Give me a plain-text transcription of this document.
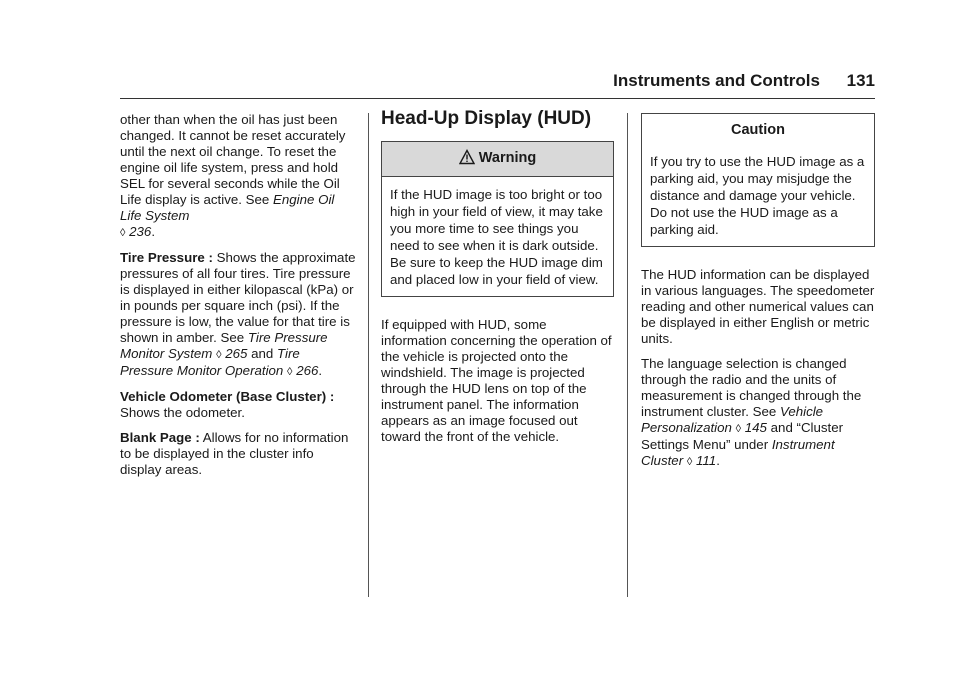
Instruments and Controls	131

other than when the oil has just been changed. It cannot be reset accurately until the next oil change. To reset the engine oil life system, press and hold SEL for several seconds while the Oil Life display is active. See Engine Oil Life System
◊ 236.

Tire Pressure : Shows the approximate pressures of all four tires. Tire pressure is displayed in either kilopascal (kPa) or in pounds per square inch (psi). If the pressure is low, the value for that tire is shown in amber. See Tire Pressure Monitor System ◊ 265 and Tire Pressure Monitor Operation ◊ 266.

Vehicle Odometer (Base Cluster) : Shows the odometer.

Blank Page : Allows for no information to be displayed in the cluster info display areas.

Head-Up Display (HUD)
Warning
If the HUD image is too bright or too high in your field of view, it may take you more time to see things you need to see when it is dark outside. Be sure to keep the HUD image dim and placed low in your field of view.

If equipped with HUD, some information concerning the operation of the vehicle is projected onto the windshield. The image is projected through the HUD lens on top of the instrument panel. The information appears as an image focused out toward the front of the vehicle.

Caution
If you try to use the HUD image as a parking aid, you may misjudge the distance and damage your vehicle. Do not use the HUD image as a parking aid.

The HUD information can be displayed in various languages. The speedometer reading and other numerical values can be displayed in either English or metric units.

The language selection is changed through the radio and the units of measurement is changed through the instrument cluster. See Vehicle Personalization ◊ 145 and “Cluster Settings Menu” under Instrument Cluster ◊ 111.
